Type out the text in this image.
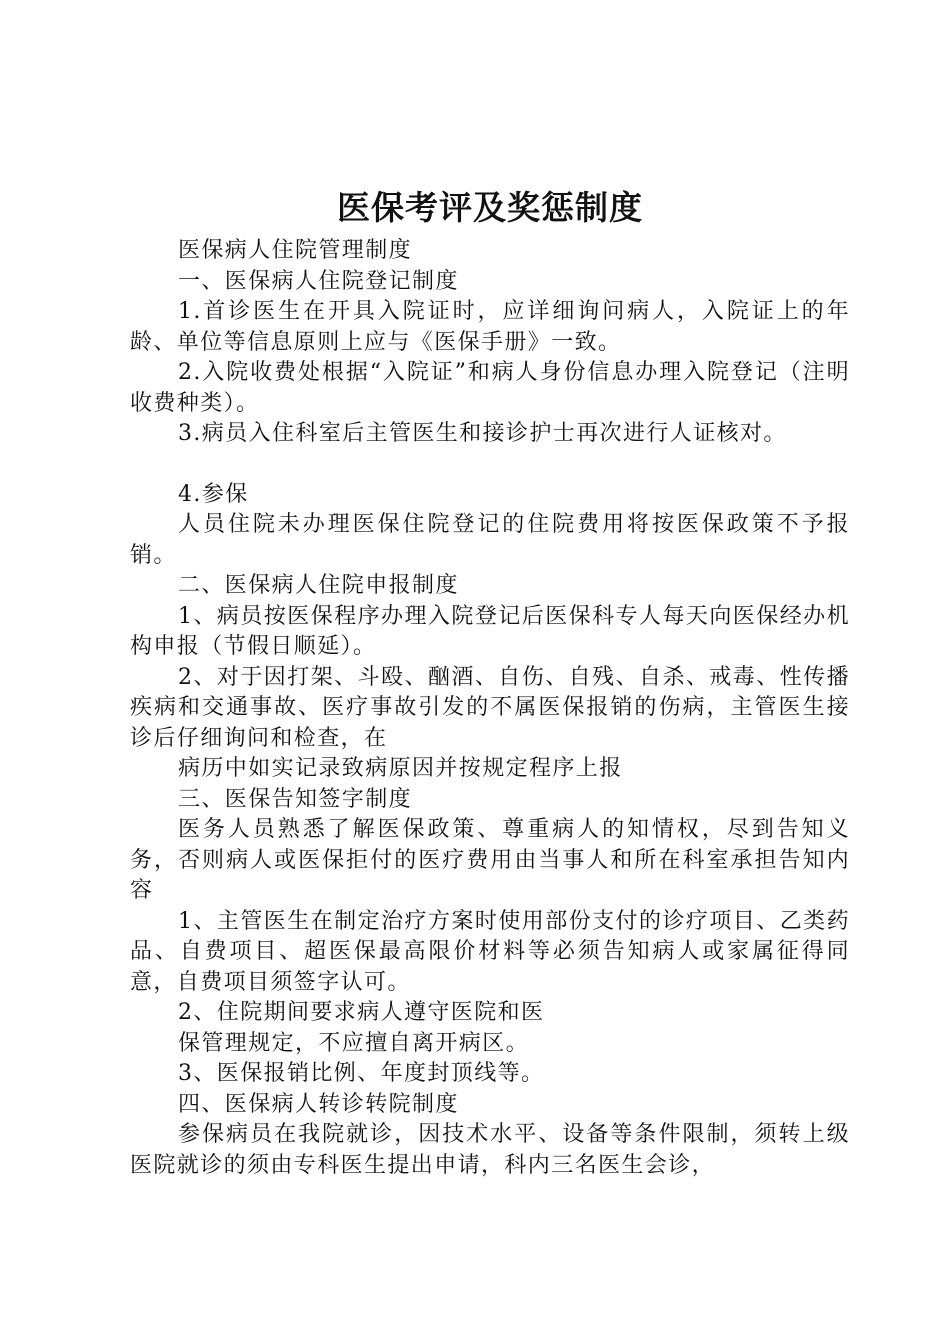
医保考评及奖惩制度

医保病人住院管理制度

一、医保病人住院登记制度

1.首诊医生在开具入院证时，应详细询问病人，入院证上的年龄、单位等信息原则上应与《医保手册》一致。

2.入院收费处根据“入院证”和病人身份信息办理入院登记（注明收费种类）。

3.病员入住科室后主管医生和接诊护士再次进行人证核对。

4.参保

人员住院未办理医保住院登记的住院费用将按医保政策不予报销。

二、医保病人住院申报制度

1、病员按医保程序办理入院登记后医保科专人每天向医保经办机构申报（节假日顺延）。

2、对于因打架、斗殴、酗酒、自伤、自残、自杀、戒毒、性传播疾病和交通事故、医疗事故引发的不属医保报销的伤病，主管医生接诊后仔细询问和检查，在

病历中如实记录致病原因并按规定程序上报

三、医保告知签字制度

医务人员熟悉了解医保政策、尊重病人的知情权，尽到告知义务，否则病人或医保拒付的医疗费用由当事人和所在科室承担告知内容

1、主管医生在制定治疗方案时使用部份支付的诊疗项目、乙类药品、自费项目、超医保最高限价材料等必须告知病人或家属征得同意，自费项目须签字认可。

2、住院期间要求病人遵守医院和医

保管理规定，不应擅自离开病区。

3、医保报销比例、年度封顶线等。

四、医保病人转诊转院制度

参保病员在我院就诊，因技术水平、设备等条件限制，须转上级医院就诊的须由专科医生提出申请，科内三名医生会诊，
